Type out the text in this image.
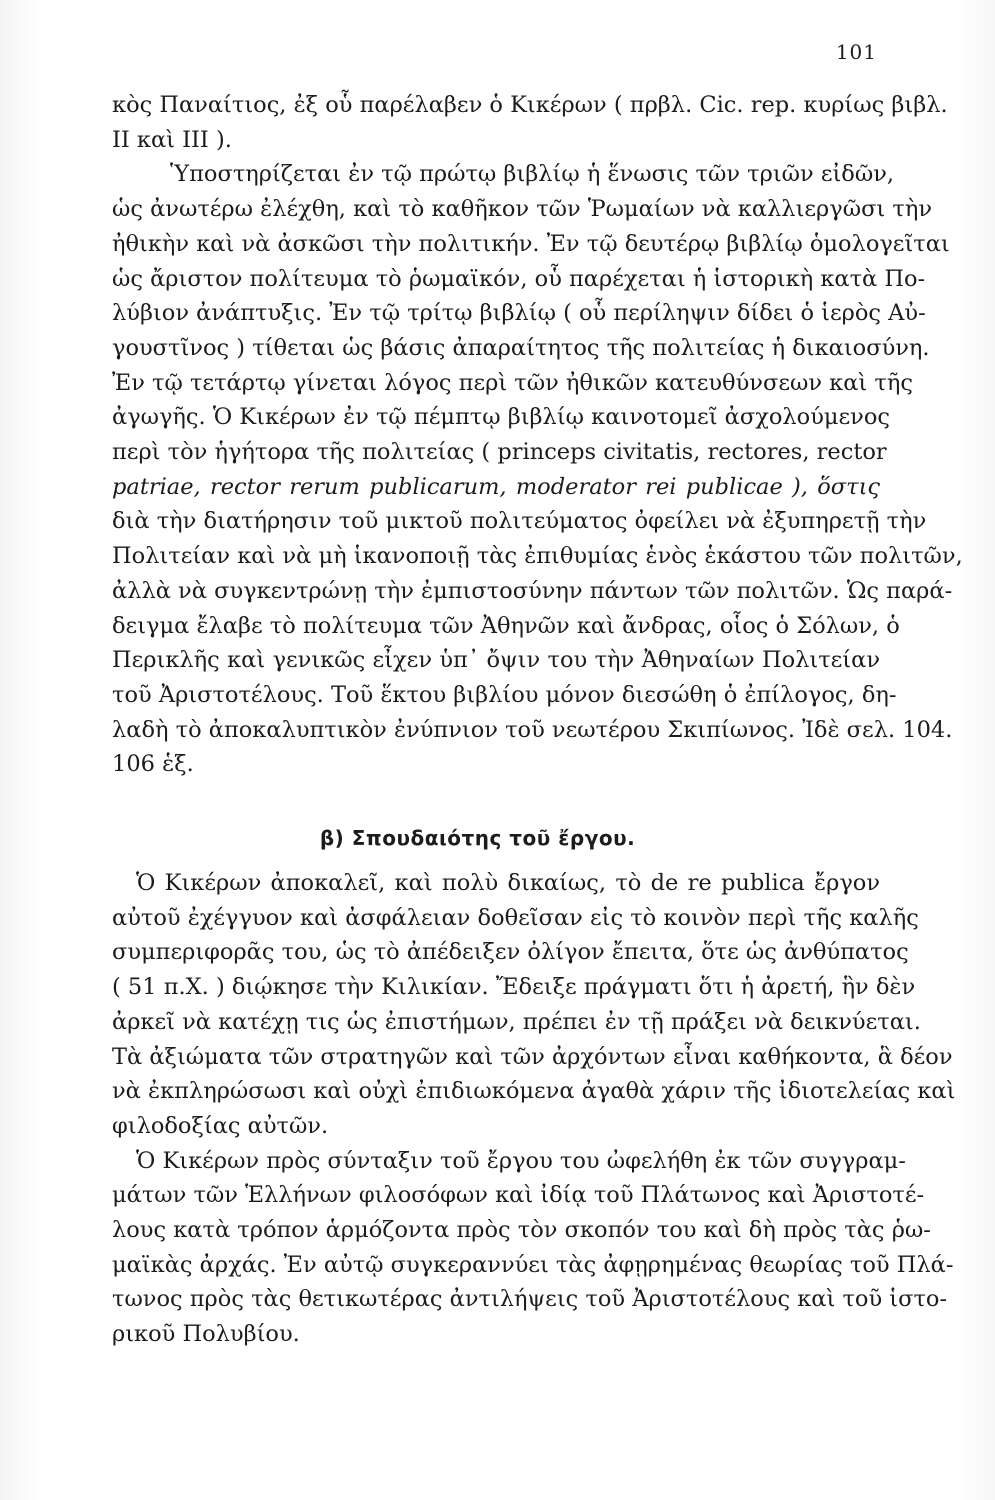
101

κὸς Παναίτιος, ἐξ οὗ παρέλαβεν ὁ Κικέρων ( πρβλ. Cic. rep. κυρίως βιβλ.
II καὶ III ).

Ὑποστηρίζεται ἐν τῷ πρώτῳ βιβλίῳ ἡ ἕνωσις τῶν τριῶν εἰδῶν,
ὡς ἀνωτέρω ἐλέχθη, καὶ τὸ καθῆκον τῶν Ῥωμαίων νὰ καλλιεργῶσι τὴν
ἠθικὴν καὶ νὰ ἀσκῶσι τὴν πολιτικήν. Ἐν τῷ δευτέρῳ βιβλίῳ ὁμολογεῖται
ὡς ἄριστον πολίτευμα τὸ ῥωμαϊκόν, οὗ παρέχεται ἡ ἱστορικὴ κατὰ Πο-
λύβιον ἀνάπτυξις. Ἐν τῷ τρίτῳ βιβλίῳ ( οὗ περίληψιν δίδει ὁ ἱερὸς Αὐ-
γουστῖνος ) τίθεται ὡς βάσις ἀπαραίτητος τῆς πολιτείας ἡ δικαιοσύνη.
Ἐν τῷ τετάρτῳ γίνεται λόγος περὶ τῶν ἠθικῶν κατευθύνσεων καὶ τῆς
ἀγωγῆς. Ὁ Κικέρων ἐν τῷ πέμπτῳ βιβλίῳ καινοτομεῖ ἀσχολούμενος
περὶ τὸν ἡγήτορα τῆς πολιτείας ( princeps civitatis, rectores, rector
patriae, rector rerum publicarum, moderator rei publicae ), ὅστις
διὰ τὴν διατήρησιν τοῦ μικτοῦ πολιτεύματος ὀφείλει νὰ ἐξυπηρετῇ τὴν
Πολιτείαν καὶ νὰ μὴ ἱκανοποιῇ τὰς ἐπιθυμίας ἑνὸς ἑκάστου τῶν πολιτῶν,
ἀλλὰ νὰ συγκεντρώνῃ τὴν ἐμπιστοσύνην πάντων τῶν πολιτῶν. Ὡς παρά-
δειγμα ἔλαβε τὸ πολίτευμα τῶν Ἀθηνῶν καὶ ἄνδρας, οἷος ὁ Σόλων, ὁ
Περικλῆς καὶ γενικῶς εἶχεν ὑπ᾽ ὄψιν του τὴν Ἀθηναίων Πολιτείαν
τοῦ Ἀριστοτέλους. Τοῦ ἕκτου βιβλίου μόνον διεσώθη ὁ ἐπίλογος, δη-
λαδὴ τὸ ἀποκαλυπτικὸν ἐνύπνιον τοῦ νεωτέρου Σκιπίωνος. Ἰδὲ σελ. 104.
106 ἑξ.

β) Σπουδαιότης τοῦ ἔργου.

Ὁ Κικέρων ἀποκαλεῖ, καὶ πολὺ δικαίως, τὸ de re publica ἔργον
αὐτοῦ ἐχέγγυον καὶ ἀσφάλειαν δοθεῖσαν εἰς τὸ κοινὸν περὶ τῆς καλῆς
συμπεριφορᾶς του, ὡς τὸ ἀπέδειξεν ὀλίγον ἔπειτα, ὅτε ὡς ἀνθύπατος
( 51 π.Χ. ) διῴκησε τὴν Κιλικίαν. Ἔδειξε πράγματι ὅτι ἡ ἀρετή, ἣν δὲν
ἀρκεῖ νὰ κατέχῃ τις ὡς ἐπιστήμων, πρέπει ἐν τῇ πράξει νὰ δεικνύεται.
Τὰ ἀξιώματα τῶν στρατηγῶν καὶ τῶν ἀρχόντων εἶναι καθήκοντα, ἃ δέον
νὰ ἐκπληρώσωσι καὶ οὐχὶ ἐπιδιωκόμενα ἀγαθὰ χάριν τῆς ἰδιοτελείας καὶ
φιλοδοξίας αὐτῶν.

Ὁ Κικέρων πρὸς σύνταξιν τοῦ ἔργου του ὠφελήθη ἐκ τῶν συγγραμ-
μάτων τῶν Ἑλλήνων φιλοσόφων καὶ ἰδίᾳ τοῦ Πλάτωνος καὶ Ἀριστοτέ-
λους κατὰ τρόπον ἁρμόζοντα πρὸς τὸν σκοπόν του καὶ δὴ πρὸς τὰς ῥω-
μαϊκὰς ἀρχάς. Ἐν αὐτῷ συγκεραννύει τὰς ἀφῃρημένας θεωρίας τοῦ Πλά-
τωνος πρὸς τὰς θετικωτέρας ἀντιλήψεις τοῦ Ἀριστοτέλους καὶ τοῦ ἱστο-
ρικοῦ Πολυβίου.
